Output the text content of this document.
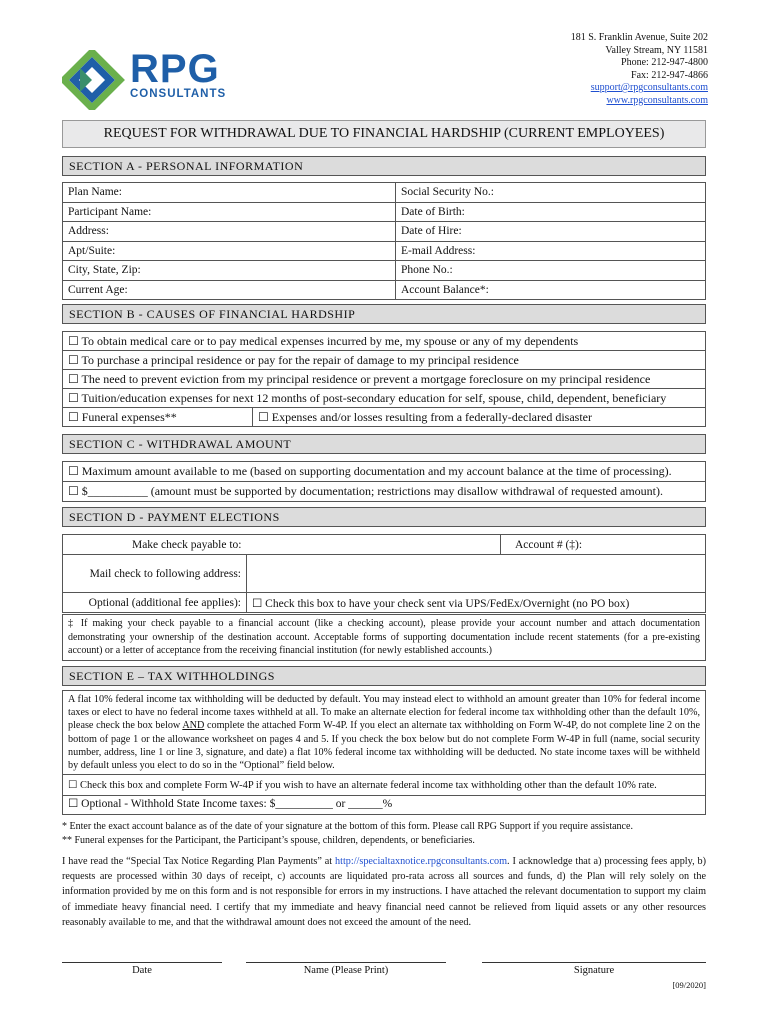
RPG
CONSULTANTS
181 S. Franklin Avenue, Suite 202
Valley Stream, NY 11581
Phone: 212-947-4800
Fax: 212-947-4866
support@rpgconsultants.com
www.rpgconsultants.com
REQUEST FOR WITHDRAWAL DUE TO FINANCIAL HARDSHIP (CURRENT EMPLOYEES)
SECTION A - PERSONAL INFORMATION
Plan Name:	Social Security No.:
Participant Name:	Date of Birth:
Address:	Date of Hire:
Apt/Suite:	E-mail Address:
City, State, Zip:	Phone No.:
Current Age:	Account Balance*:
SECTION B - CAUSES OF FINANCIAL HARDSHIP
☐ To obtain medical care or to pay medical expenses incurred by me, my spouse or any of my dependents
☐ To purchase a principal residence or pay for the repair of damage to my principal residence
☐ The need to prevent eviction from my principal residence or prevent a mortgage foreclosure on my principal residence
☐ Tuition/education expenses for next 12 months of post-secondary education for self, spouse, child, dependent, beneficiary
☐ Funeral expenses**	☐ Expenses and/or losses resulting from a federally-declared disaster
SECTION C - WITHDRAWAL AMOUNT
☐ Maximum amount available to me (based on supporting documentation and my account balance at the time of processing).
☐ $__________ (amount must be supported by documentation; restrictions may disallow withdrawal of requested amount).
SECTION D - PAYMENT ELECTIONS
Make check payable to:		Account # (‡):
Mail check to following address:		
Optional (additional fee applies):	☐ Check this box to have your check sent via UPS/FedEx/Overnight (no PO box)	
‡ If making your check payable to a financial account (like a checking account), please provide your account number and attach documentation demonstrating your ownership of the destination account. Acceptable forms of supporting documentation include recent statements (for a pre-existing account) or a letter of acceptance from the receiving financial institution (for newly established accounts.)
SECTION E – TAX WITHHOLDINGS
A flat 10% federal income tax withholding will be deducted by default. You may instead elect to withhold an amount greater than 10% for federal income taxes or elect to have no federal income taxes withheld at all. To make an alternate election for federal income tax withholding other than the default 10%, please check the box below AND complete the attached Form W-4P. If you elect an alternate tax withholding on Form W-4P, do not complete line 2 on the bottom of page 1 or the allowance worksheet on pages 4 and 5. If you check the box below but do not complete Form W-4P in full (name, social security number, address, line 1 or line 3, signature, and date) a flat 10% federal income tax withholding will be deducted. No state income taxes will be withheld by default unless you elect to do so in the “Optional” field below.
☐ Check this box and complete Form W-4P if you wish to have an alternate federal income tax withholding other than the default 10% rate.
☐ Optional - Withhold State Income taxes: $__________ or ______%
* Enter the exact account balance as of the date of your signature at the bottom of this form. Please call RPG Support if you require assistance.
** Funeral expenses for the Participant, the Participant’s spouse, children, dependents, or beneficiaries.
I have read the “Special Tax Notice Regarding Plan Payments” at http://specialtaxnotice.rpgconsultants.com. I acknowledge that a) processing fees apply, b) requests are processed within 30 days of receipt, c) accounts are liquidated pro-rata across all sources and funds, d) the Plan will rely solely on the information provided by me on this form and is not responsible for errors in my instructions. I have attached the relevant documentation to support my claim of immediate heavy financial need. I certify that my immediate and heavy financial need cannot be relieved from liquid assets or any other resources reasonably available to me, and that the withdrawal amount does not exceed the amount of the need.
Date	Name (Please Print)	Signature
[09/2020]
